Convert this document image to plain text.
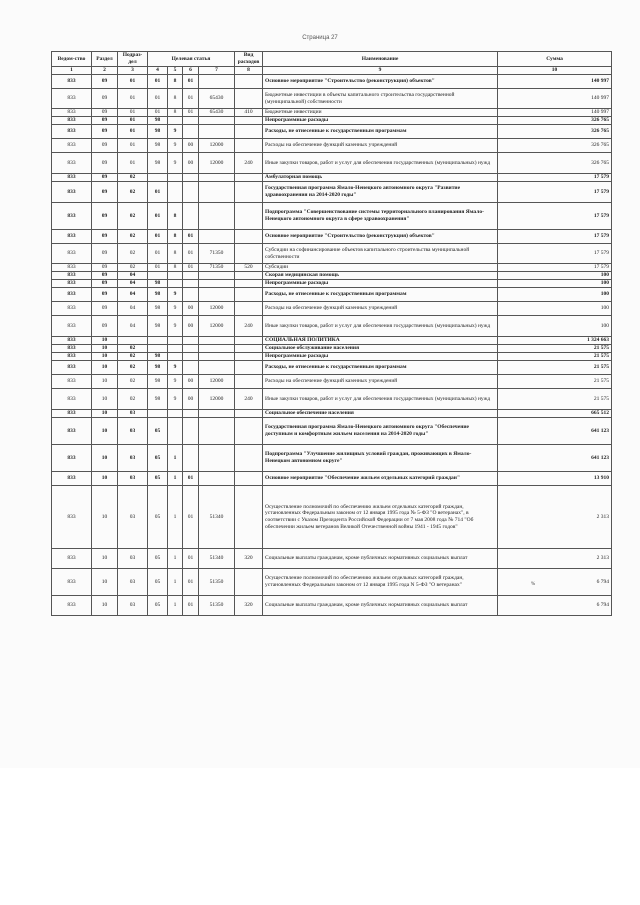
Страница 27
Ведом-ство	Раздел	Подраз-дел	Целевая статья				Вид расходов	Наименование	Сумма
1	2	3	4	5	6	7	8	9	10
833	09	01	01	8	01			Основное мероприятие "Строительство (реконструкция) объектов"	140 997
833	09	01	01	8	01	65430		Бюджетные инвестиции в объекты капитального строительства государственной (муниципальной) собственности	140 997
833	09	01	01	8	01	65430	410	Бюджетные инвестиции	140 997
833	09	01	98					Непрограммные расходы	326 765
833	09	01	98	9				Расходы, не отнесенные к государственным программам	326 765
833	09	01	98	9	00	12000		Расходы на обеспечение функций казенных учреждений	326 765
833	09	01	98	9	00	12000	240	Иные закупки товаров, работ и услуг для обеспечения государственных (муниципальных) нужд	326 765
833	09	02						Амбулаторная помощь	17 579
833	09	02	01					Государственная программа Ямало-Ненецкого автономного округа "Развитие здравоохранения на 2014-2020 годы"	17 579
833	09	02	01	8				Подпрограмма "Совершенствование системы территориального планирования Ямало-Ненецкого автономного округа в сфере здравоохранения"	17 579
833	09	02	01	8	01			Основное мероприятие "Строительство (реконструкция) объектов"	17 579
833	09	02	01	8	01	71350		Субсидии на софинансирование объектов капитального строительства муниципальной собственности	17 579
833	09	02	01	8	01	71350	520	Субсидии	17 579
833	09	04						Скорая медицинская помощь	100
833	09	04	98					Непрограммные расходы	100
833	09	04	98	9				Расходы, не отнесенные к государственным программам	100
833	09	04	98	9	00	12000		Расходы на обеспечение функций казенных учреждений	100
833	09	04	98	9	00	12000	240	Иные закупки товаров, работ и услуг для обеспечения государственных (муниципальных) нужд	100
833	10							СОЦИАЛЬНАЯ ПОЛИТИКА	1 324 663
833	10	02						Социальное обслуживание населения	21 575
833	10	02	98					Непрограммные расходы	21 575
833	10	02	98	9				Расходы, не отнесенные к государственным программам	21 575
833	10	02	98	9	00	12000		Расходы на обеспечение функций казенных учреждений	21 575
833	10	02	98	9	00	12000	240	Иные закупки товаров, работ и услуг для обеспечения государственных (муниципальных) нужд	21 575
833	10	03						Социальное обеспечение населения	665 512
833	10	03	05					Государственная программа Ямало-Ненецкого автономного округа "Обеспечение доступным и комфортным жильем населения на 2014-2020 годы"	641 123
833	10	03	05	1				Подпрограмма "Улучшение жилищных условий граждан, проживающих в Ямало-Ненецком автономном округе"	641 123
833	10	03	05	1	01			Основное мероприятие "Обеспечение жильем отдельных категорий граждан"	13 910
833	10	03	05	1	01	51340		Осуществление полномочий по обеспечению жильем отдельных категорий граждан, установленных Федеральным законом от 12 января 1995 года № 5-ФЗ "О ветеранах", в соответствии с Указом Президента Российской Федерации от 7 мая 2008 года № 714 "Об обеспечении жильем ветеранов Великой Отечественной войны 1941 - 1945 годов"	2 313
833	10	03	05	1	01	51340	320	Социальные выплаты гражданам, кроме публичных нормативных социальных выплат	2 313
833	10	03	05	1	01	51350		Осуществление полномочий по обеспечению жильем отдельных категорий граждан, установленных Федеральным законом от 12 января 1995 года N 5-ФЗ "О ветеранах"	6 794
833	10	03	05	1	01	51350	320	Социальные выплаты гражданам, кроме публичных нормативных социальных выплат	6 794
%
